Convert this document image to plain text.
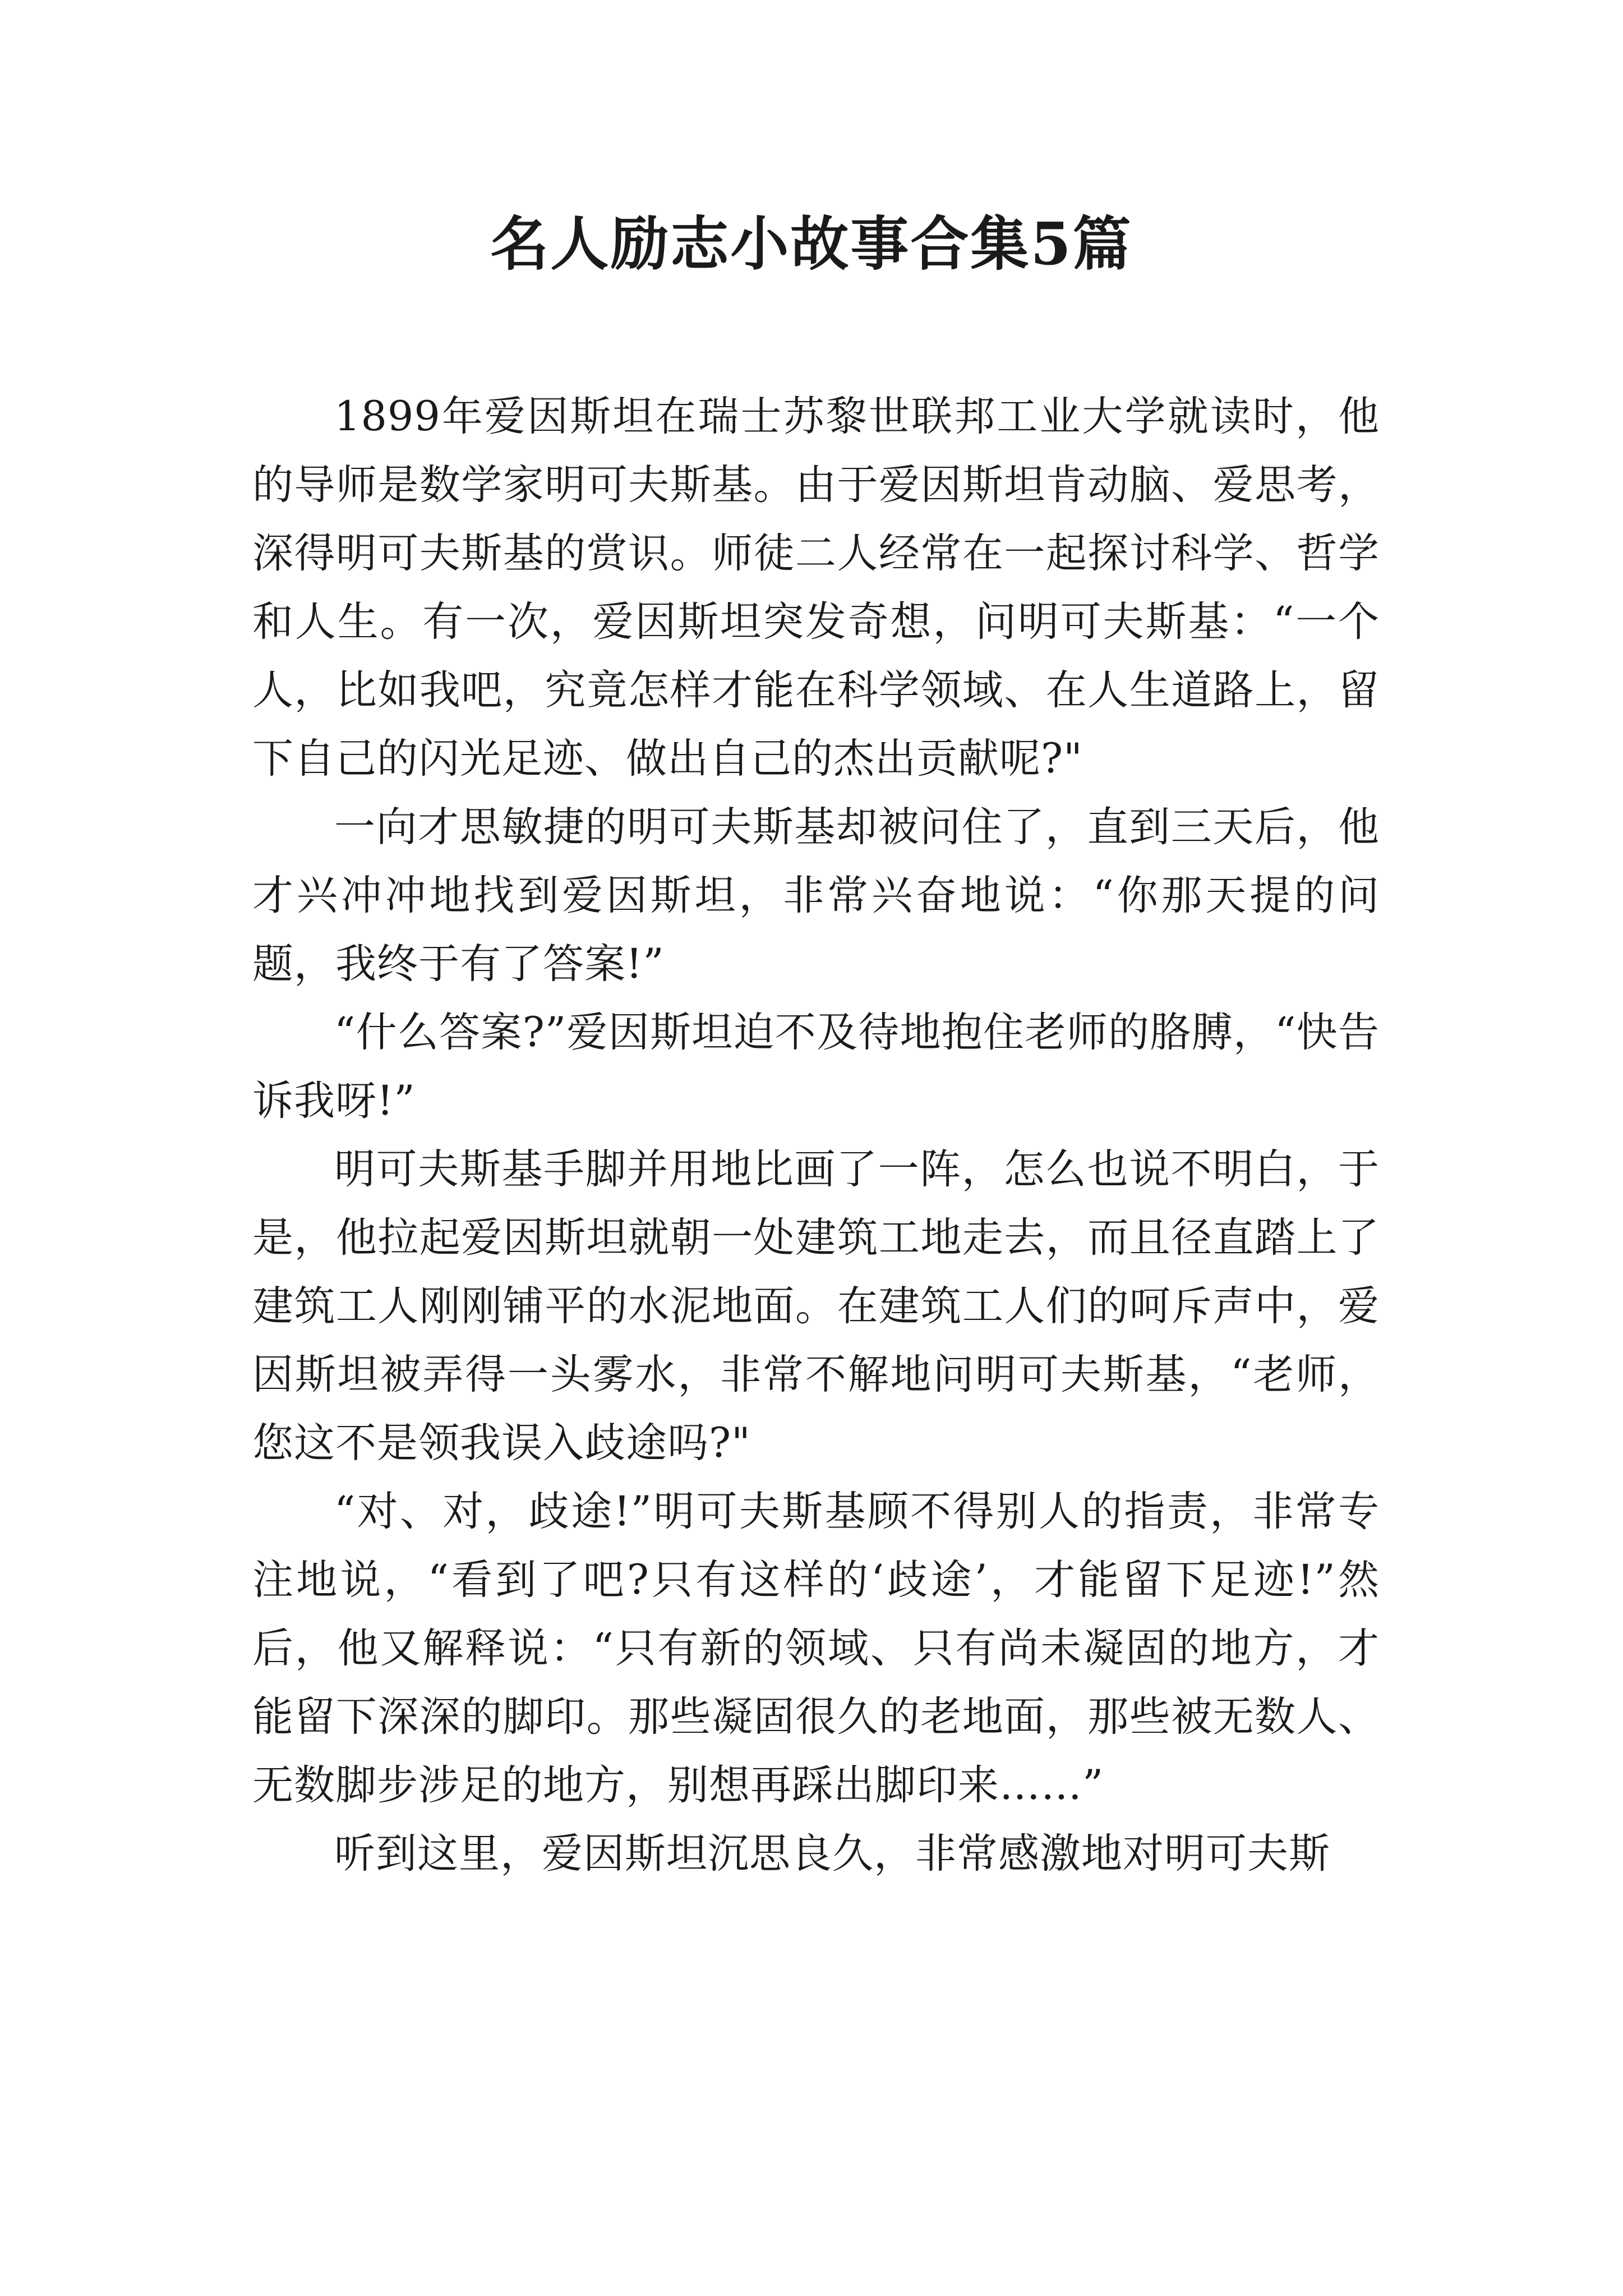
名人励志小故事合集5篇

1899年爱因斯坦在瑞士苏黎世联邦工业大学就读时，他的导师是数学家明可夫斯基。由于爱因斯坦肯动脑、爱思考，深得明可夫斯基的赏识。师徒二人经常在一起探讨科学、哲学和人生。有一次，爱因斯坦突发奇想，问明可夫斯基：“一个人，比如我吧，究竟怎样才能在科学领域、在人生道路上，留下自己的闪光足迹、做出自己的杰出贡献呢?"

一向才思敏捷的明可夫斯基却被问住了，直到三天后，他才兴冲冲地找到爱因斯坦，非常兴奋地说：“你那天提的问题，我终于有了答案!”

“什么答案?”爱因斯坦迫不及待地抱住老师的胳膊，“快告诉我呀!”

明可夫斯基手脚并用地比画了一阵，怎么也说不明白，于是，他拉起爱因斯坦就朝一处建筑工地走去，而且径直踏上了建筑工人刚刚铺平的水泥地面。在建筑工人们的呵斥声中，爱因斯坦被弄得一头雾水，非常不解地问明可夫斯基，“老师，您这不是领我误入歧途吗?"

“对、对，歧途!”明可夫斯基顾不得别人的指责，非常专注地说，“看到了吧?只有这样的‘歧途’，才能留下足迹!”然后，他又解释说：“只有新的领域、只有尚未凝固的地方，才能留下深深的脚印。那些凝固很久的老地面，那些被无数人、无数脚步涉足的地方，别想再踩出脚印来……”

听到这里，爱因斯坦沉思良久，非常感激地对明可夫斯
